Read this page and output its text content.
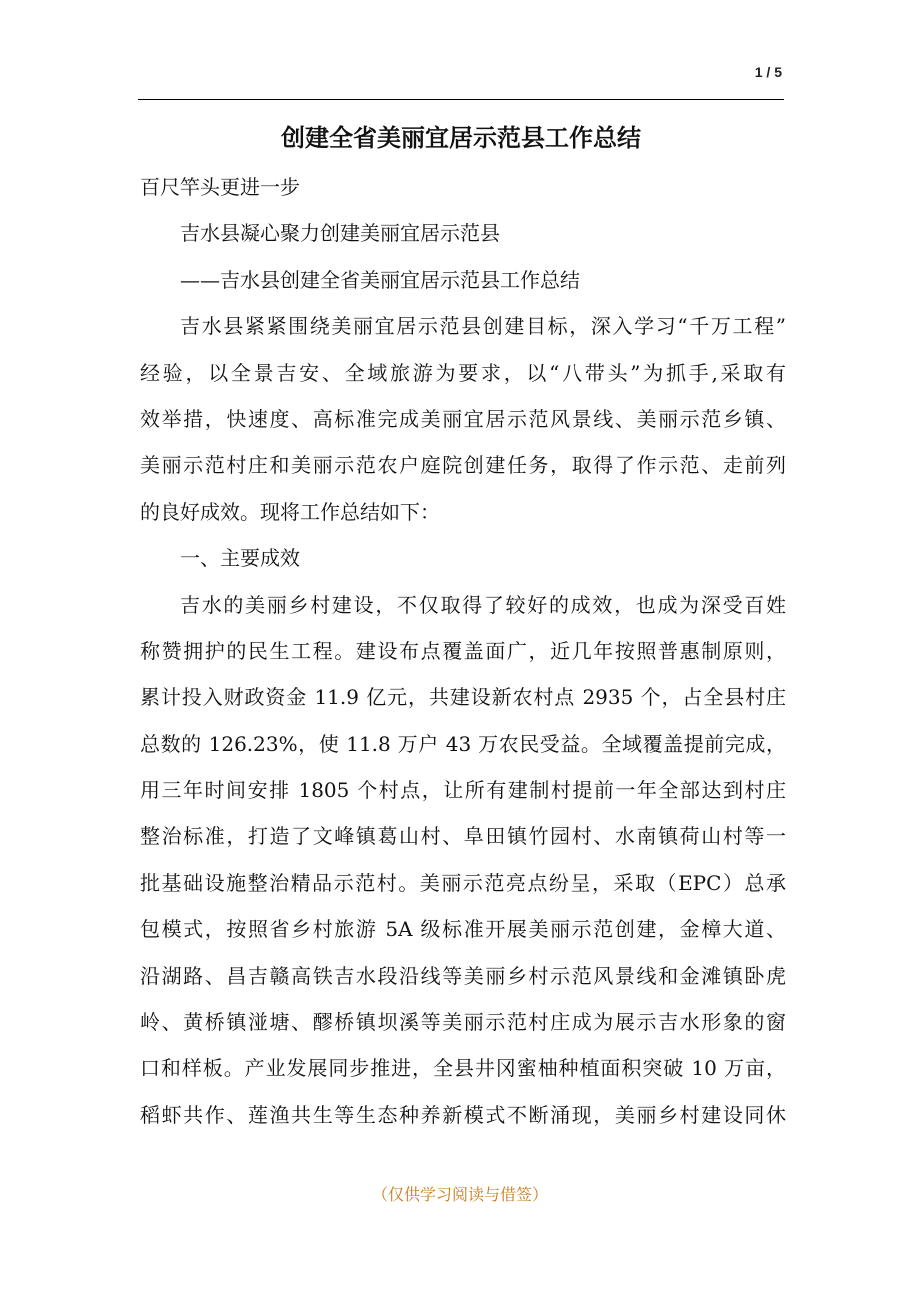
1 / 5
创建全省美丽宜居示范县工作总结
百尺竿头更进一步
吉水县凝心聚力创建美丽宜居示范县
——吉水县创建全省美丽宜居示范县工作总结
吉水县紧紧围绕美丽宜居示范县创建目标，深入学习“千万工程”
经验，以全景吉安、全域旅游为要求，以“八带头”为抓手,采取有
效举措，快速度、高标准完成美丽宜居示范风景线、美丽示范乡镇、
美丽示范村庄和美丽示范农户庭院创建任务，取得了作示范、走前列
的良好成效。现将工作总结如下：
一、主要成效
吉水的美丽乡村建设，不仅取得了较好的成效，也成为深受百姓
称赞拥护的民生工程。建设布点覆盖面广，近几年按照普惠制原则，
累计投入财政资金 11.9 亿元，共建设新农村点 2935 个，占全县村庄
总数的 126.23%，使 11.8 万户 43 万农民受益。全域覆盖提前完成，
用三年时间安排 1805 个村点，让所有建制村提前一年全部达到村庄
整治标准，打造了文峰镇葛山村、阜田镇竹园村、水南镇荷山村等一
批基础设施整治精品示范村。美丽示范亮点纷呈，采取（EPC）总承
包模式，按照省乡村旅游 5A 级标准开展美丽示范创建，金樟大道、
沿湖路、昌吉赣高铁吉水段沿线等美丽乡村示范风景线和金滩镇卧虎
岭、黄桥镇湴塘、醪桥镇坝溪等美丽示范村庄成为展示吉水形象的窗
口和样板。产业发展同步推进，全县井冈蜜柚种植面积突破 10 万亩，
稻虾共作、莲渔共生等生态种养新模式不断涌现，美丽乡村建设同休
（仅供学习阅读与借签）
